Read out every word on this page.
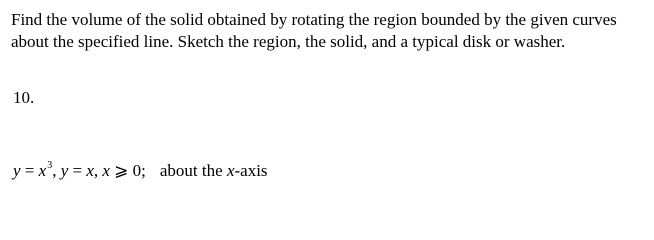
Find the volume of the solid obtained by rotating the region bounded by the given curves about the specified line. Sketch the region, the solid, and a typical disk or washer.

10.

$y = x^3$, y = x, x ⩾ 0; about the x-axis
